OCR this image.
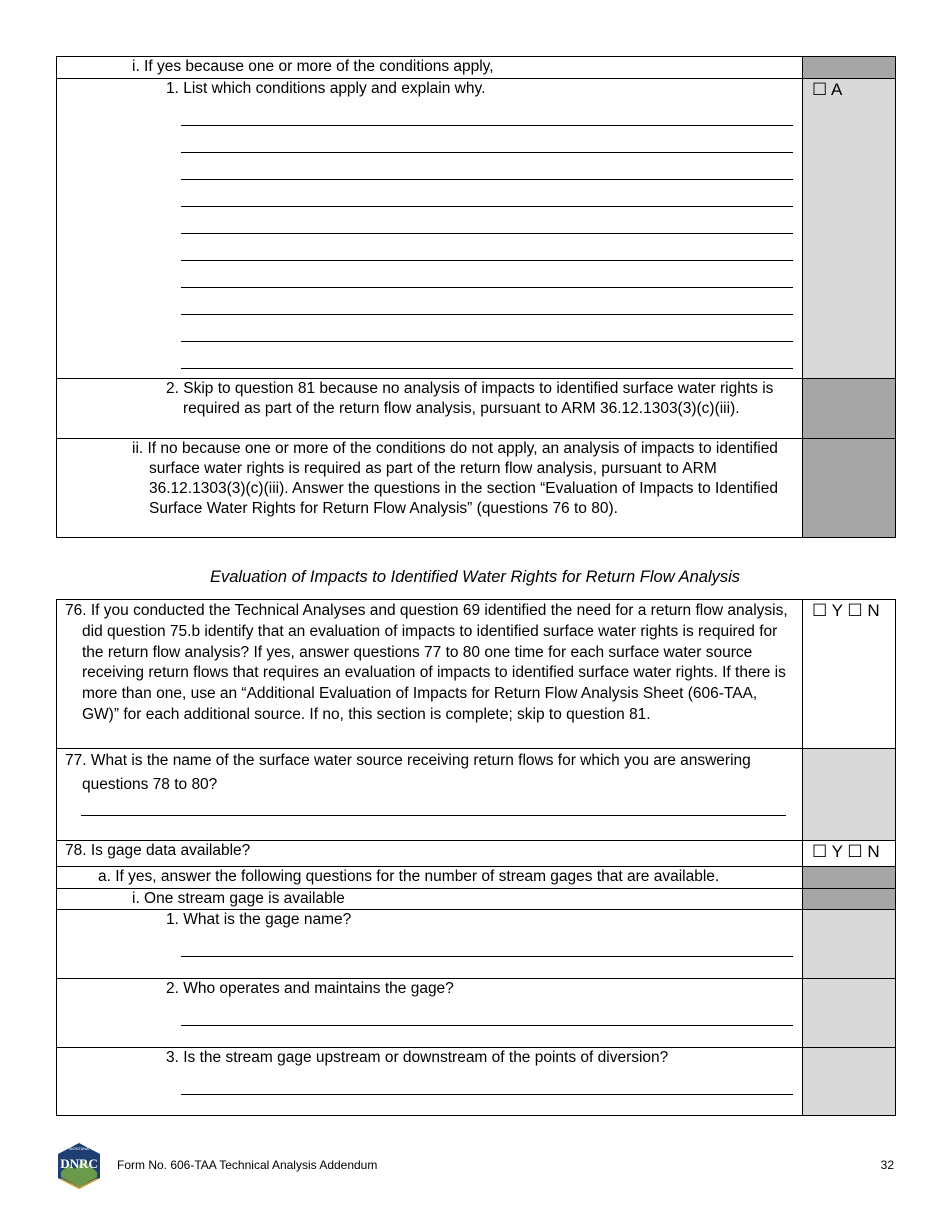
i. If yes because one or more of the conditions apply,	

1. List which conditions apply and explain why.	☐ A

2. Skip to question 81 because no analysis of impacts to identified surface water rights is required as part of the return flow analysis, pursuant to ARM 36.12.1303(3)(c)(iii).	

ii. If no because one or more of the conditions do not apply, an analysis of impacts to identified surface water rights is required as part of the return flow analysis, pursuant to ARM 36.12.1303(3)(c)(iii). Answer the questions in the section “Evaluation of Impacts to Identified Surface Water Rights for Return Flow Analysis” (questions 76 to 80).	

Evaluation of Impacts to Identified Water Rights for Return Flow Analysis
76. If you conducted the Technical Analyses and question 69 identified the need for a return flow analysis, did question 75.b identify that an evaluation of impacts to identified surface water rights is required for the return flow analysis? If yes, answer questions 77 to 80 one time for each surface water source receiving return flows that requires an evaluation of impacts to identified surface water rights. If there is more than one, use an “Additional Evaluation of Impacts for Return Flow Analysis Sheet (606-TAA, GW)” for each additional source. If no, this section is complete; skip to question 81.	☐ Y ☐ N

77. What is the name of the surface water source receiving return flows for which you are answering questions 78 to 80?	

78. Is gage data available?	☐ Y ☐ N

a. If yes, answer the following questions for the number of stream gages that are available.	

i. One stream gage is available	

1. What is the gage name?	

2. Who operates and maintains the gage?	

3. Is the stream gage upstream or downstream of the points of diversion?	

MONTANA
DNRC Form No. 606-TAA Technical Analysis Addendum	32
